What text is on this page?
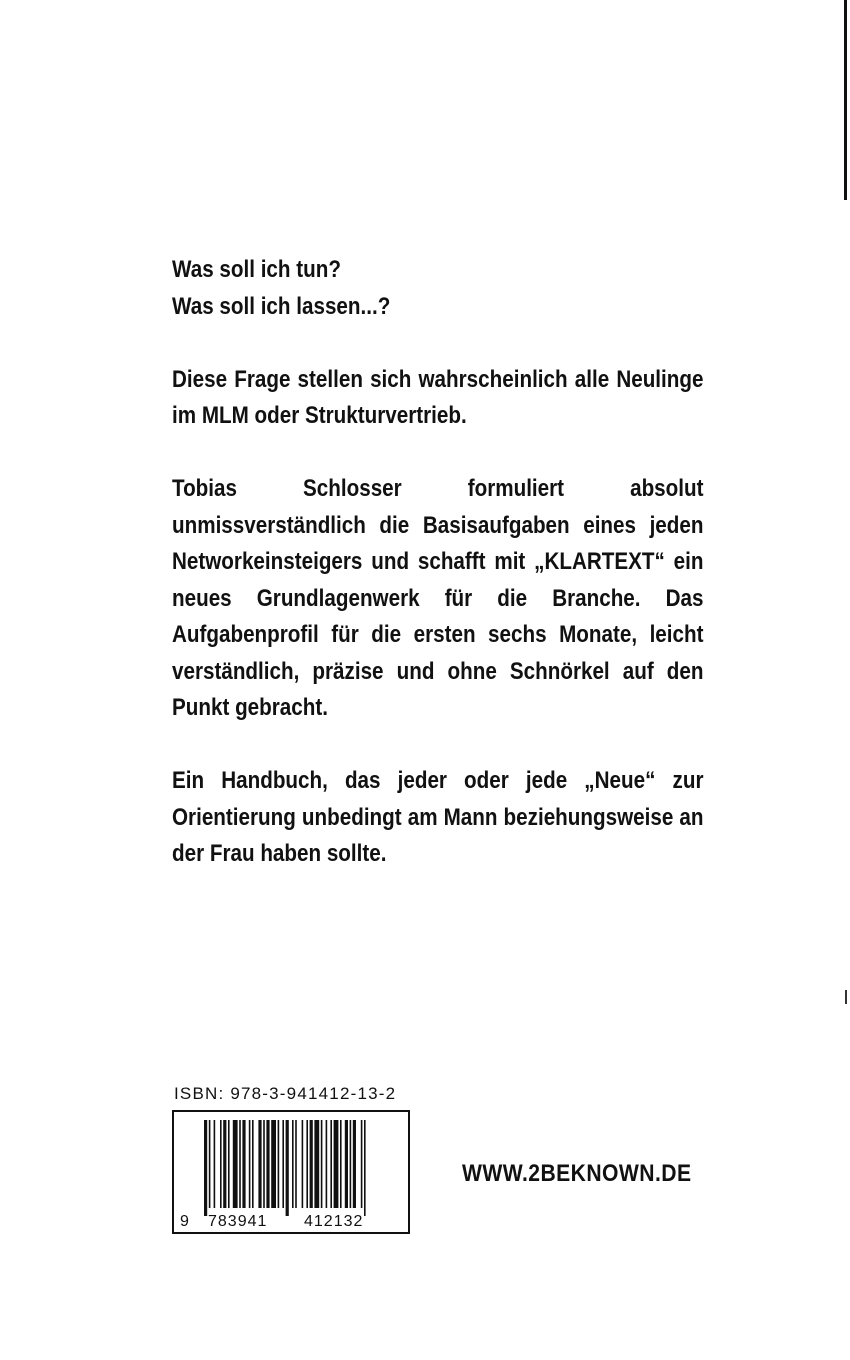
Was soll ich tun?
Was soll ich lassen...?

Diese Frage stellen sich wahrscheinlich alle Neulinge im MLM oder Strukturvertrieb.

Tobias Schlosser formuliert absolut unmissverständlich die Basisaufgaben eines jeden Networkeinsteigers und schafft mit „KLARTEXT“ ein neues Grundlagenwerk für die Branche. Das Aufgabenprofil für die ersten sechs Monate, leicht verständlich, präzise und ohne Schnörkel auf den Punkt gebracht.

Ein Handbuch, das jeder oder jede „Neue“ zur Orientierung unbedingt am Mann beziehungsweise an der Frau haben sollte.

ISBN: 978-3-941412-13-2
9 783941 412132
WWW.2BEKNOWN.DE
